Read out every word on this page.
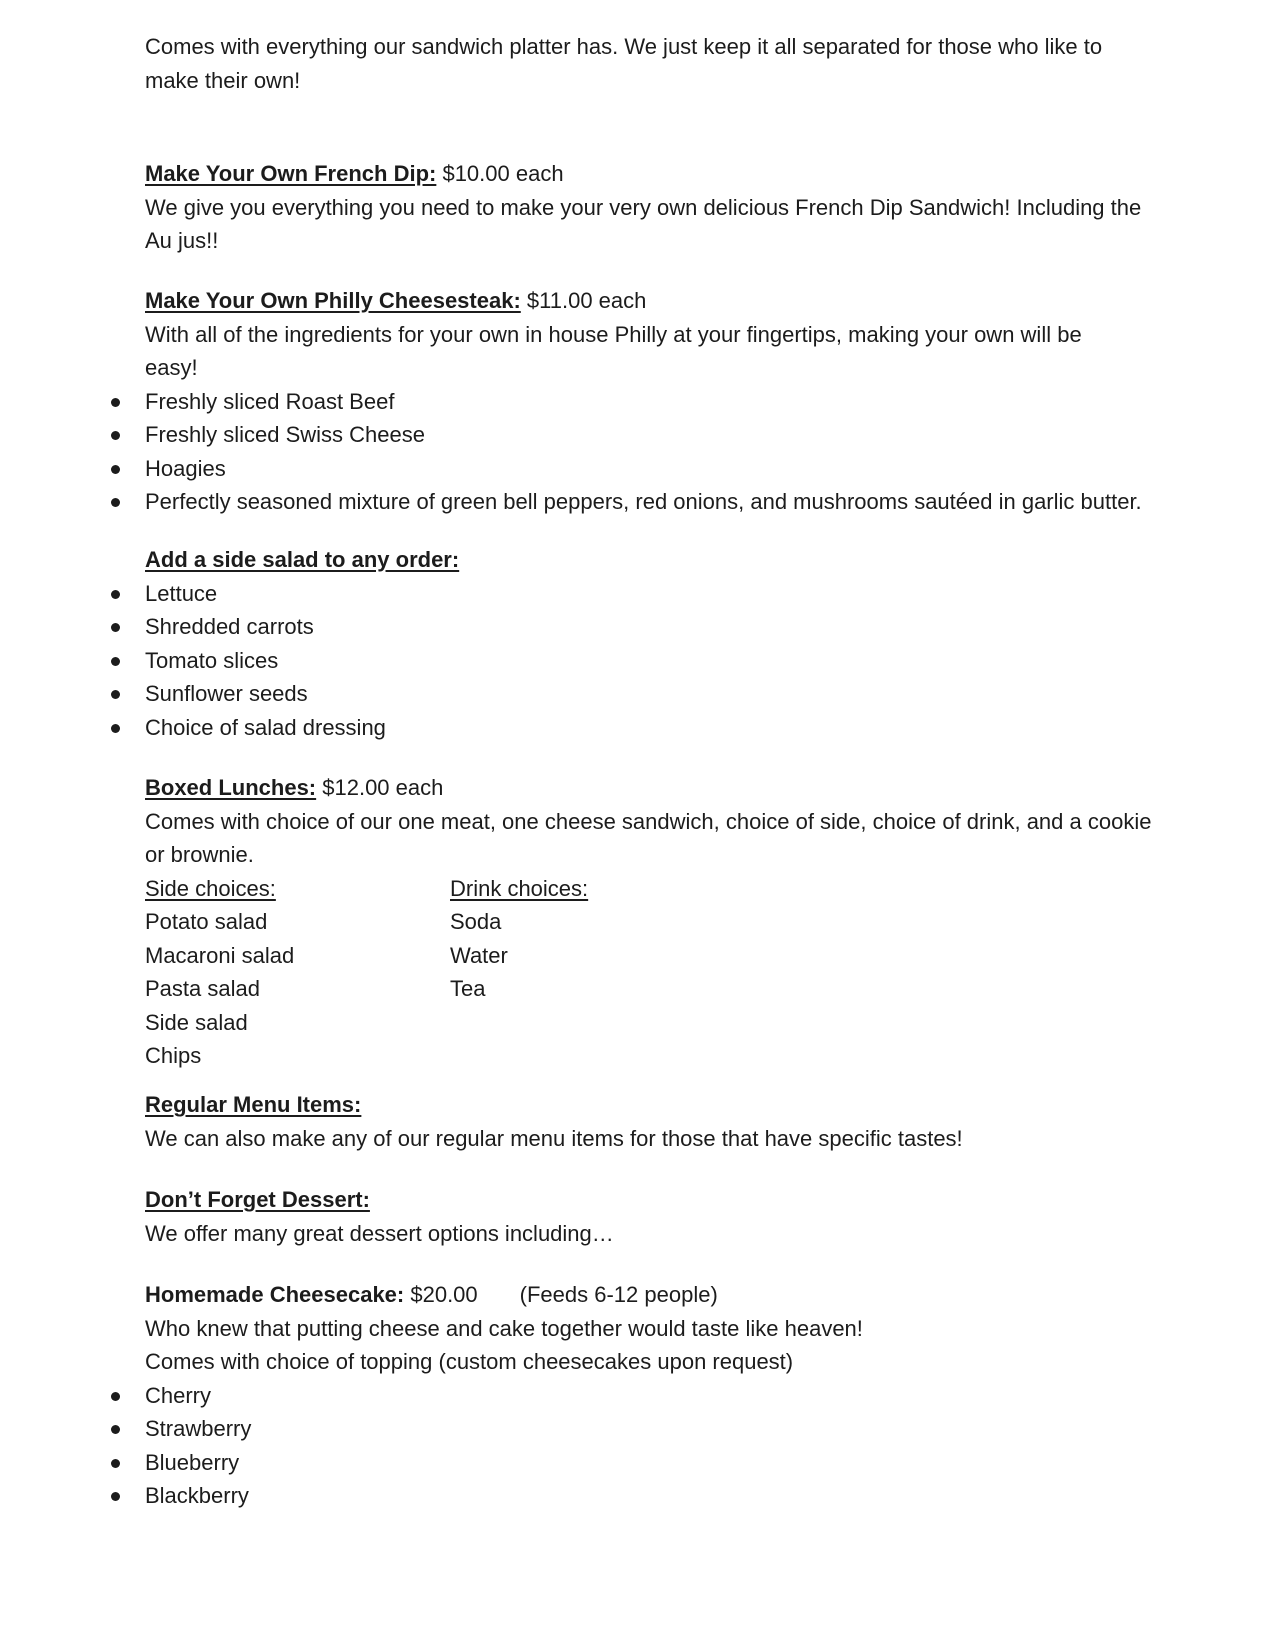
Comes with everything our sandwich platter has. We just keep it all separated for those who like to
make their own!
Make Your Own French Dip: $10.00 each
We give you everything you need to make your very own delicious French Dip Sandwich! Including the
Au jus!!
Make Your Own Philly Cheesesteak: $11.00 each
With all of the ingredients for your own in house Philly at your fingertips, making your own will be
easy!
Freshly sliced Roast Beef
Freshly sliced Swiss Cheese
Hoagies
Perfectly seasoned mixture of green bell peppers, red onions, and mushrooms sautéed in garlic butter.
Add a side salad to any order:
Lettuce
Shredded carrots
Tomato slices
Sunflower seeds
Choice of salad dressing
Boxed Lunches: $12.00 each
Comes with choice of our one meat, one cheese sandwich, choice of side, choice of drink, and a cookie
or brownie.
Side choices:
Potato salad
Macaroni salad
Pasta salad
Side salad
Chips
Drink choices:
Soda
Water
Tea
Regular Menu Items:
We can also make any of our regular menu items for those that have specific tastes!
Don’t Forget Dessert:
We offer many great dessert options including…
Homemade Cheesecake: $20.00 (Feeds 6-12 people)
Who knew that putting cheese and cake together would taste like heaven!
Comes with choice of topping (custom cheesecakes upon request)
Cherry
Strawberry
Blueberry
Blackberry
